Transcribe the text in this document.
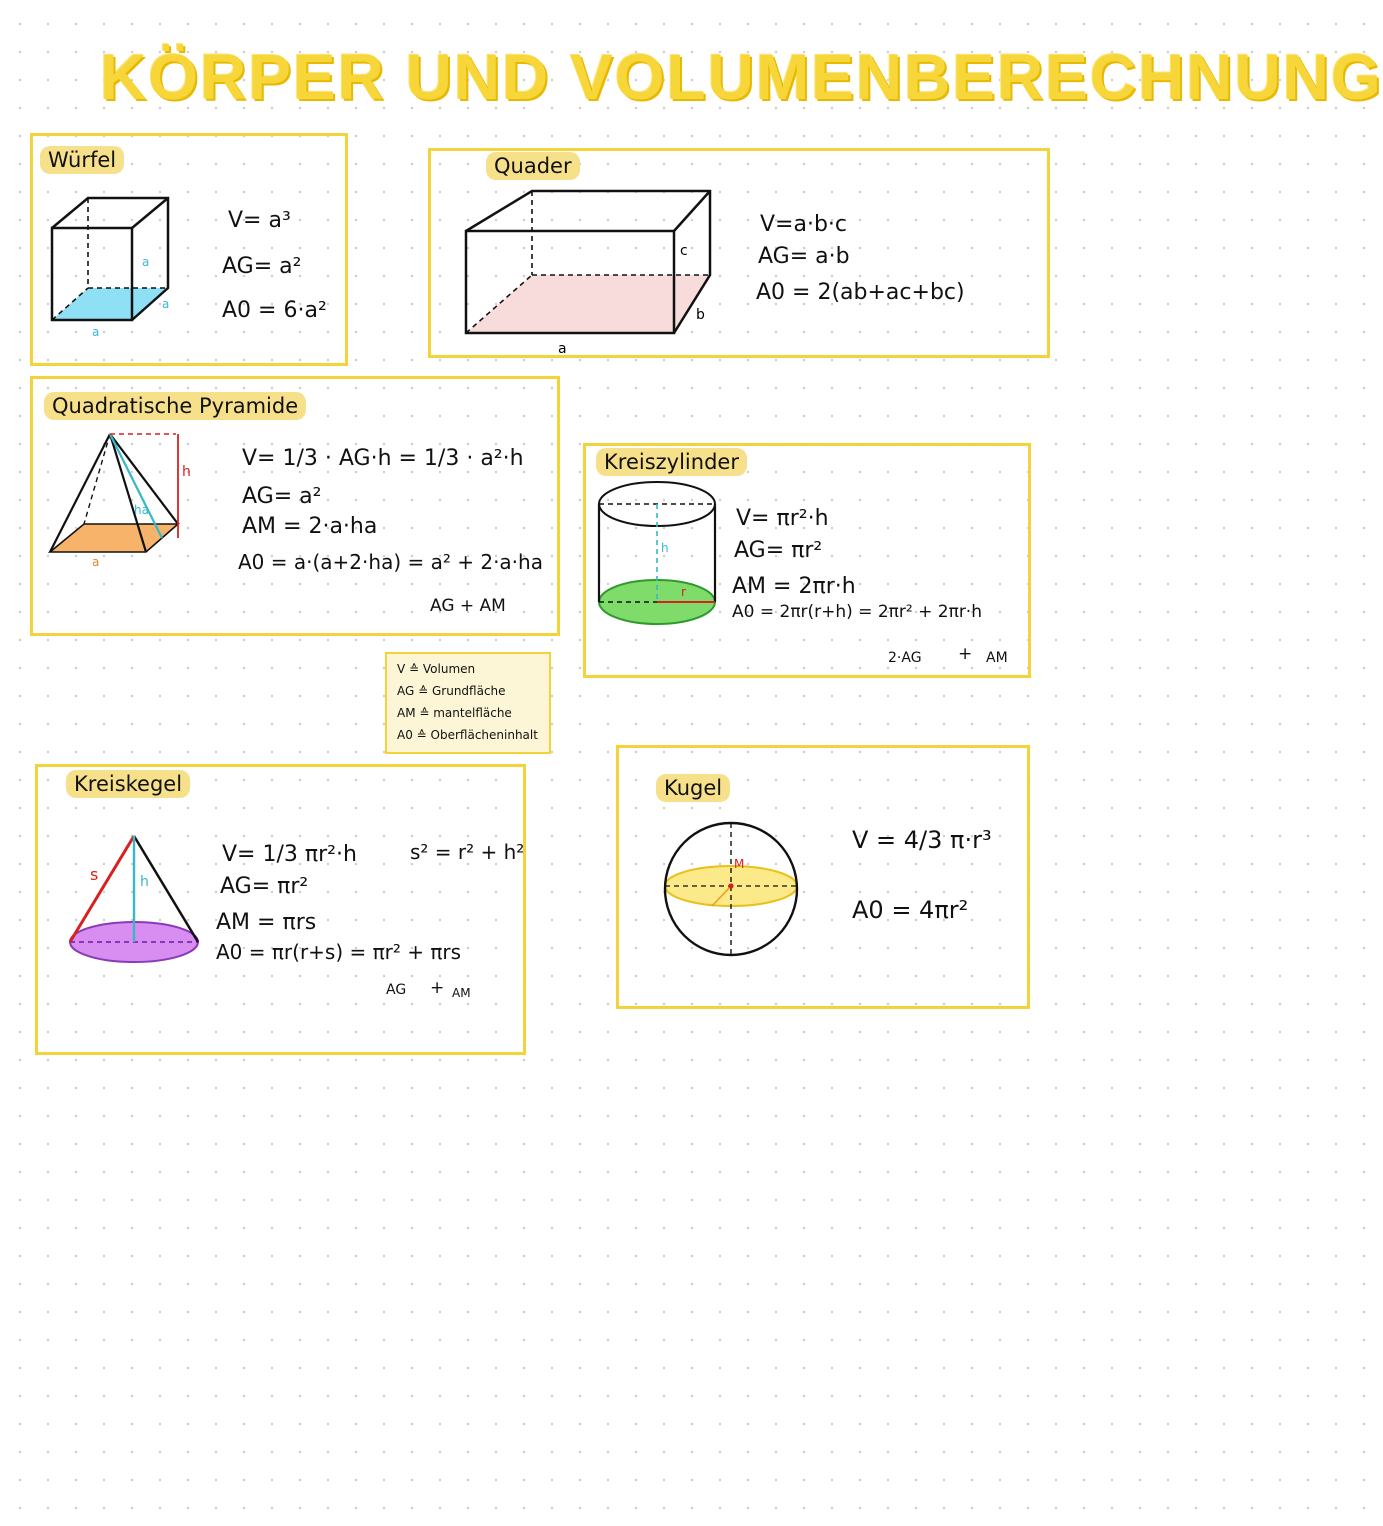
KÖRPER UND VOLUMENBERECHNUNG
Würfel
a
a
a
V= a³
AG= a²
A0 = 6·a²
Quader
c
b
a
V=a·b·c
AG= a·b
A0 = 2(ab+ac+bc)
Quadratische Pyramide
h
ha
a
V= 1/3 · AG·h = 1/3 · a²·h
AG= a²
AM = 2·a·ha
A0 = a·(a+2·ha) = a² + 2·a·ha
AG + AM
Kreiszylinder
h
r
V= πr²·h
AG= πr²
AM = 2πr·h
A0 = 2πr(r+h) = 2πr² + 2πr·h
2·AG + AM
V ≙ Volumen
AG ≙ Grundfläche
AM ≙ mantelfläche
A0 ≙ Oberflächeninhalt
Kreiskegel
s	h
V= 1/3 πr²·h
AG= πr²
AM = πrs
A0 = πr(r+s) = πr² + πrs
s² = r² + h²
AG + AM
Kugel
M
V = 4/3 π·r³
A0 = 4πr²
